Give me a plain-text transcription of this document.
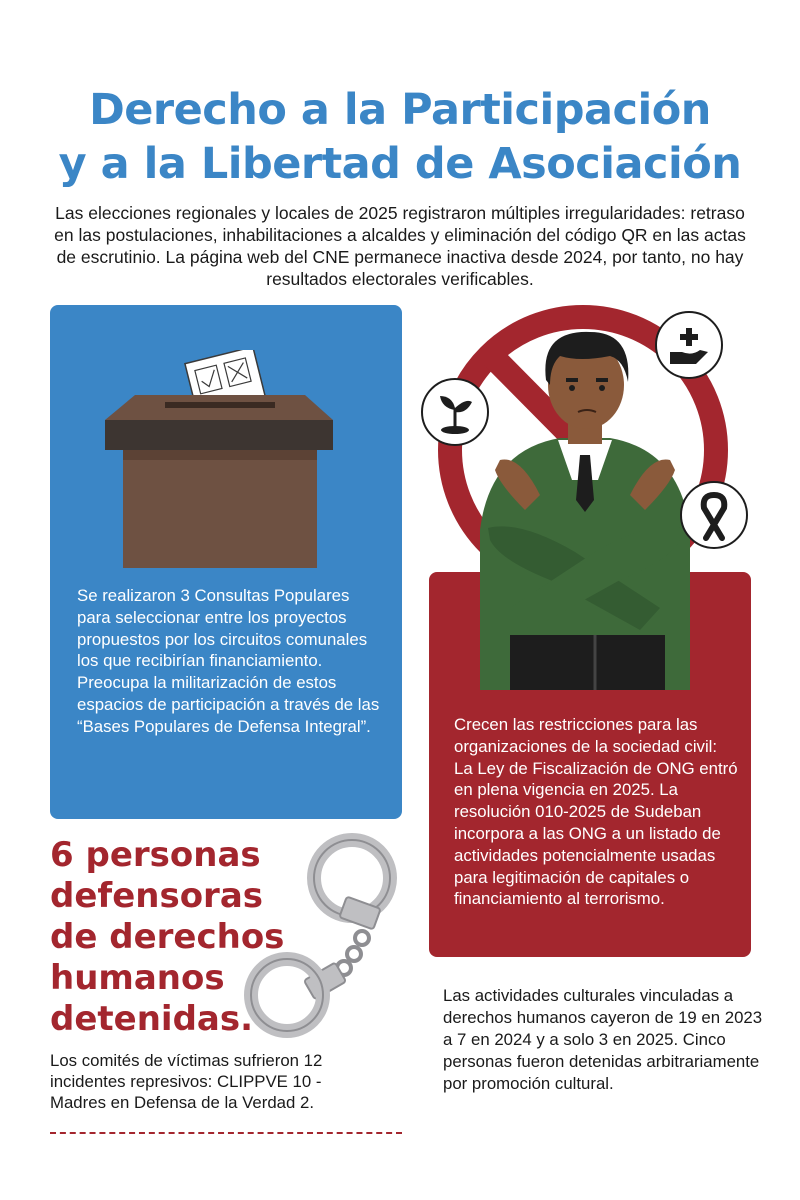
Derecho a la Participación
y a la Libertad de Asociación

Las elecciones regionales y locales de 2025 registraron múltiples irregularidades: retraso en las postulaciones, inhabilitaciones a alcaldes y eliminación del código QR en las actas de escrutinio. La página web del CNE permanece inactiva desde 2024, por tanto, no hay resultados electorales verificables.

Se realizaron 3 Consultas Populares para seleccionar entre los proyectos propuestos por los circuitos comunales los que recibirían financiamiento. Preocupa la militarización de estos espacios de participación a través de las “Bases Populares de Defensa Integral”.	Crecen las restricciones para las organizaciones de la sociedad civil: La Ley de Fiscalización de ONG entró en plena vigencia en 2025. La resolución 010-2025 de Sudeban incorpora a las ONG a un listado de actividades potencialmente usadas para legitimación de capitales o financiamiento al terrorismo.
6 personas
defensoras
de derechos
humanos
detenidas.
Los comités de víctimas sufrieron 12 incidentes represivos: CLIPPVE 10 - Madres en Defensa de la Verdad 2.
Las actividades culturales vinculadas a derechos humanos cayeron de 19 en 2023 a 7 en 2024 y a solo 3 en 2025. Cinco personas fueron detenidas arbitrariamente por promoción cultural.
